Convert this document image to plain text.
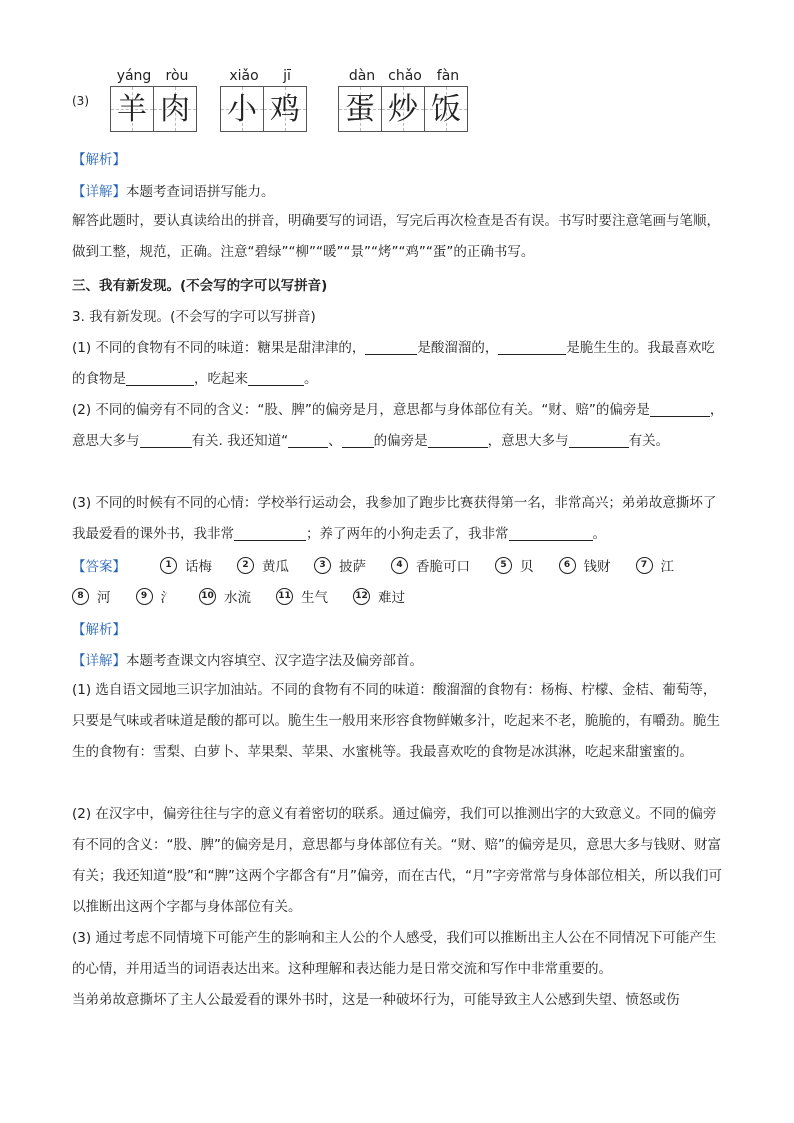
(3)
yáng	ròu
羊 肉
xiǎo	jī
小 鸡
dàn chǎo	fàn
蛋 炒 饭

【解析】

【详解】本题考查词语拼写能力。

解答此题时，要认真读给出的拼音，明确要写的词语，写完后再次检查是否有误。书写时要注意笔画与笔顺，做到工整，规范，正确。注意“碧绿”“柳”“暖”“景”“烤”“鸡”“蛋”的正确书写。

三、我有新发现。(不会写的字可以写拼音)

3. 我有新发现。(不会写的字可以写拼音)

(1) 不同的食物有不同的味道：糖果是甜津津的，	是酸溜溜的，	是脆生生的。我最喜欢吃的食物是	，吃起来	。

(2) 不同的偏旁有不同的含义：“股、脾”的偏旁是月，意思都与身体部位有关。“财、赔”的偏旁是	，意思大多与	有关. 我还知道“	、 的偏旁是	，意思大多与	有关。

(3) 不同的时候有不同的心情：学校举行运动会，我参加了跑步比赛获得第一名，非常高兴；弟弟故意撕坏了我最爱看的课外书，我非常	；养了两年的小狗走丢了，我非常	。

【答案】	1 话梅	2 黄瓜	3 披萨	4 香脆可口	5 贝	6 钱财	7 江
8 河	9 氵	10 水流	11 生气	12 难过

【解析】

【详解】本题考查课文内容填空、汉字造字法及偏旁部首。

(1) 选自语文园地三识字加油站。不同的食物有不同的味道：酸溜溜的食物有：杨梅、柠檬、金桔、葡萄等，只要是气味或者味道是酸的都可以。脆生生一般用来形容食物鲜嫩多汁，吃起来不老，脆脆的，有嚼劲。脆生生的食物有：雪梨、白萝卜、苹果梨、苹果、水蜜桃等。我最喜欢吃的食物是冰淇淋，吃起来甜蜜蜜的。

(2) 在汉字中，偏旁往往与字的意义有着密切的联系。通过偏旁，我们可以推测出字的大致意义。不同的偏旁有不同的含义：“股、脾”的偏旁是月，意思都与身体部位有关。“财、赔”的偏旁是贝，意思大多与钱财、财富有关；我还知道“股”和“脾”这两个字都含有“月”偏旁，而在古代，“月”字旁常常与身体部位相关，所以我们可以推断出这两个字都与身体部位有关。

(3) 通过考虑不同情境下可能产生的影响和主人公的个人感受，我们可以推断出主人公在不同情况下可能产生的心情，并用适当的词语表达出来。这种理解和表达能力是日常交流和写作中非常重要的。

当弟弟故意撕坏了主人公最爱看的课外书时，这是一种破坏行为，可能导致主人公感到失望、愤怒或伤
